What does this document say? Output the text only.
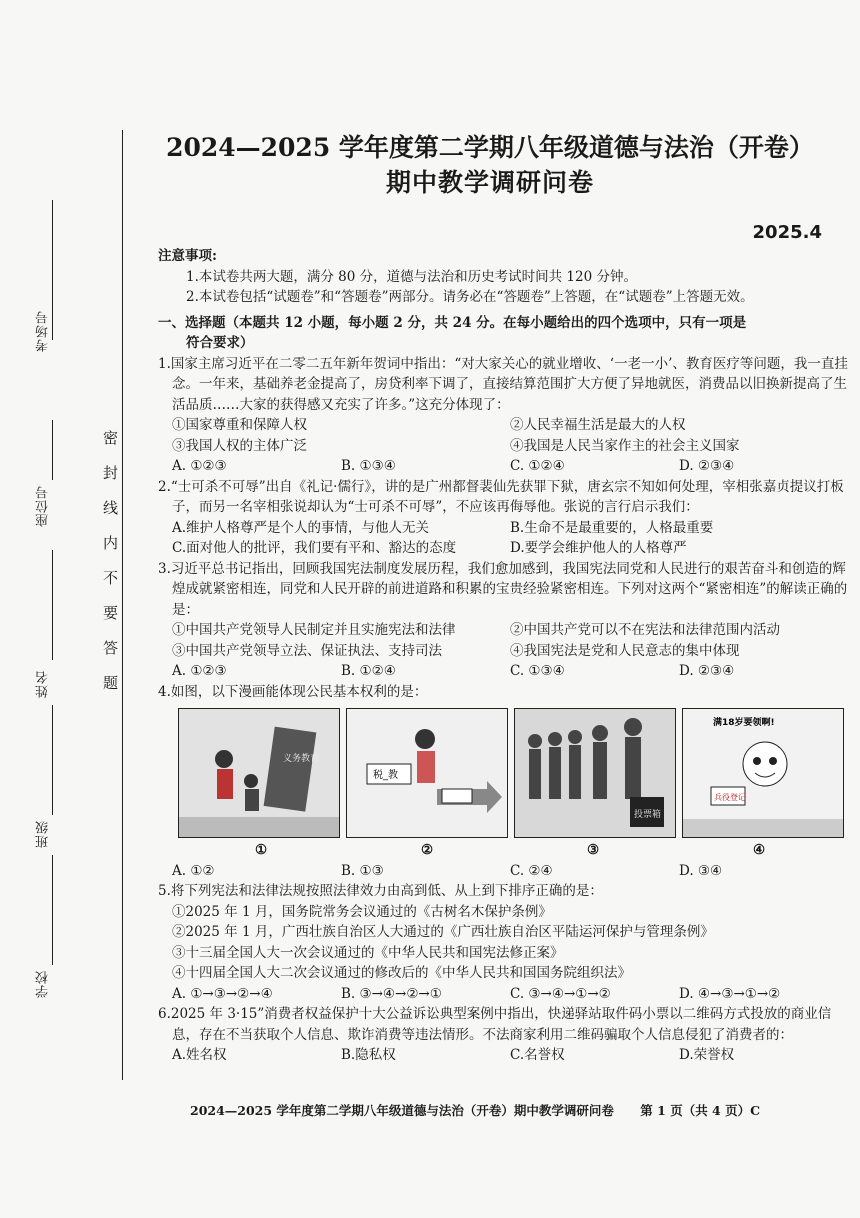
考场号
座位号
姓名
班级
学校
密封线内不要答题
2024—2025 学年度第二学期八年级道德与法治（开卷）
期中教学调研问卷
2025.4

注意事项:

1.本试卷共两大题，满分 80 分，道德与法治和历史考试时间共 120 分钟。

2.本试卷包括“试题卷”和“答题卷”两部分。请务必在“答题卷”上答题，在“试题卷”上答题无效。

一、选择题（本题共 12 小题，每小题 2 分，共 24 分。在每小题给出的四个选项中，只有一项是

符合要求）

1.国家主席习近平在二零二五年新年贺词中指出：“对大家关心的就业增收、‘一老一小’、教育医疗等问题，我一直挂念。一年来，基础养老金提高了，房贷利率下调了，直接结算范围扩大方便了异地就医，消费品以旧换新提高了生活品质……大家的获得感又充实了许多。”这充分体现了：

①国家尊重和保障人权	②人民幸福生活是最大的人权
③我国人权的主体广泛	④我国是人民当家作主的社会主义国家
A. ①②③	B. ①③④	C. ①②④	D. ②③④

2.“士可杀不可辱”出自《礼记·儒行》，讲的是广州都督裴仙先获罪下狱，唐玄宗不知如何处理，宰相张嘉贞提议打板子，而另一名宰相张说却认为“士可杀不可辱”，不应该再侮辱他。张说的言行启示我们：

A.维护人格尊严是个人的事情，与他人无关	B.生命不是最重要的，人格最重要
C.面对他人的批评，我们要有平和、豁达的态度	D.要学会维护他人的人格尊严

3.习近平总书记指出，回顾我国宪法制度发展历程，我们愈加感到，我国宪法同党和人民进行的艰苦奋斗和创造的辉煌成就紧密相连，同党和人民开辟的前进道路和积累的宝贵经验紧密相连。下列对这两个“紧密相连”的解读正确的是：

①中国共产党领导人民制定并且实施宪法和法律	②中国共产党可以不在宪法和法律范围内活动
③中国共产党领导立法、保证执法、支持司法	④我国宪法是党和人民意志的集中体现
A. ①②③	B. ①②④	C. ①③④	D. ②③④

4.如图，以下漫画能体现公民基本权利的是：

义务教育
税_教
投票箱
满18岁要领啊!
兵役登记
①	②	③	④
A. ①②	B. ①③	C. ②④	D. ③④

5.将下列宪法和法律法规按照法律效力由高到低、从上到下排序正确的是：

①2025 年 1 月，国务院常务会议通过的《古树名木保护条例》

②2025 年 1 月，广西壮族自治区人大通过的《广西壮族自治区平陆运河保护与管理条例》

③十三届全国人大一次会议通过的《中华人民共和国宪法修正案》

④十四届全国人大二次会议通过的修改后的《中华人民共和国国务院组织法》

A. ①→③→②→④	B. ③→④→②→①	C. ③→④→①→②	D. ④→③→①→②

6.2025 年 3·15”消费者权益保护十大公益诉讼典型案例中指出，快递驿站取件码小票以二维码方式投放的商业信息，存在不当获取个人信息、欺诈消费等违法情形。不法商家利用二维码骗取个人信息侵犯了消费者的：

A.姓名权	B.隐私权	C.名誉权	D.荣誉权
2024—2025 学年度第二学期八年级道德与法治（开卷）期中教学调研问卷 第 1 页（共 4 页）C
